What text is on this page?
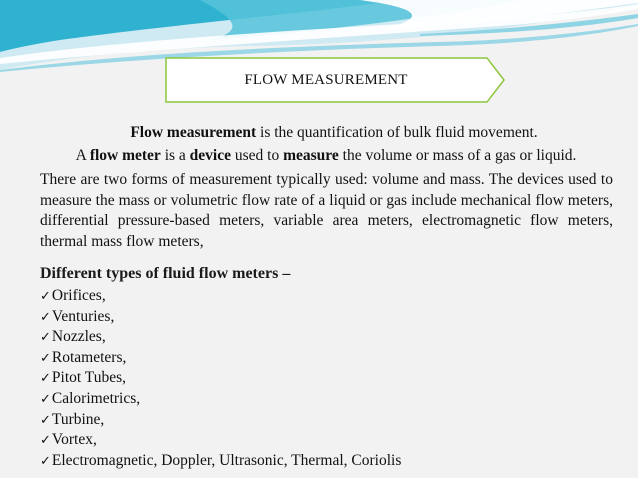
FLOW MEASUREMENT
Flow measurement is the quantification of bulk fluid movement.
A flow meter is a device used to measure the volume or mass of a gas or liquid.
There are two forms of measurement typically used: volume and mass. The devices used to measure the mass or volumetric flow rate of a liquid or gas include mechanical flow meters, differential pressure-based meters, variable area meters, electromagnetic flow meters, thermal mass flow meters,
Different types of fluid flow meters –
✓Orifices,
✓Venturies,
✓Nozzles,
✓Rotameters,
✓Pitot Tubes,
✓Calorimetrics,
✓Turbine,
✓Vortex,
✓Electromagnetic, Doppler, Ultrasonic, Thermal, Coriolis
